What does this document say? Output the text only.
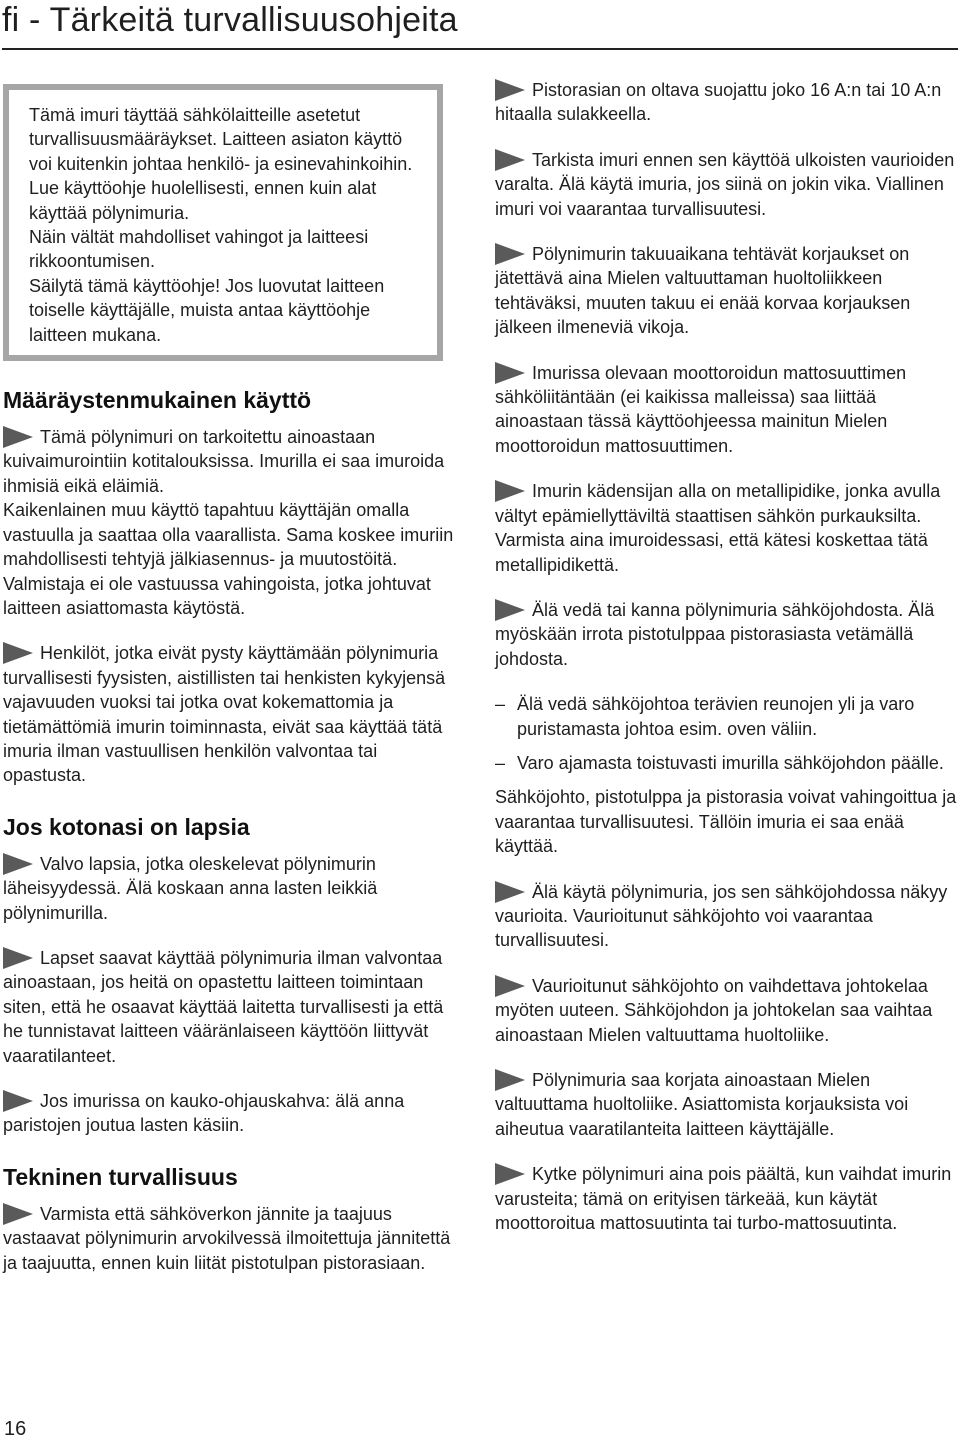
fi - Tärkeitä turvallisuusohjeita

Tämä imuri täyttää sähkölaitteille asetetut turvallisuusmääräykset. Laitteen asiaton käyttö voi kuitenkin johtaa henkilö- ja esinevahinkoihin.

Lue käyttöohje huolellisesti, ennen kuin alat käyttää pölynimuria.

Näin vältät mahdolliset vahingot ja laitteesi rikkoontumisen.

Säilytä tämä käyttöohje! Jos luovutat laitteen toiselle käyttäjälle, muista antaa käyttöohje laitteen mukana.

Määräystenmukainen käyttö

Tämä pölynimuri on tarkoitettu ainoastaan kuivaimurointiin kotitalouksissa. Imurilla ei saa imuroida ihmisiä eikä eläimiä.

Kaikenlainen muu käyttö tapahtuu käyttäjän omalla vastuulla ja saattaa olla vaarallista. Sama koskee imuriin mahdollisesti tehtyjä jälkiasennus- ja muutostöitä.

Valmistaja ei ole vastuussa vahingoista, jotka johtuvat laitteen asiattomasta käytöstä.

Henkilöt, jotka eivät pysty käyttämään pölynimuria turvallisesti fyysisten, aistillisten tai henkisten kykyjensä vajavuuden vuoksi tai jotka ovat kokemattomia ja tietämättömiä imurin toiminnasta, eivät saa käyttää tätä imuria ilman vastuullisen henkilön valvontaa tai opastusta.

Jos kotonasi on lapsia

Valvo lapsia, jotka oleskelevat pölynimurin läheisyydessä. Älä koskaan anna lasten leikkiä pölynimurilla.

Lapset saavat käyttää pölynimuria ilman valvontaa ainoastaan, jos heitä on opastettu laitteen toimintaan siten, että he osaavat käyttää laitetta turvallisesti ja että he tunnistavat laitteen vääränlaiseen käyttöön liittyvät vaaratilanteet.

Jos imurissa on kauko-ohjauskahva: älä anna paristojen joutua lasten käsiin.

Tekninen turvallisuus

Varmista että sähköverkon jännite ja taajuus vastaavat pölynimurin arvokilvessä ilmoitettuja jännitettä ja taajuutta, ennen kuin liität pistotulpan pistorasiaan.

Pistorasian on oltava suojattu joko 16 A:n tai 10 A:n hitaalla sulakkeella.

Tarkista imuri ennen sen käyttöä ulkoisten vaurioiden varalta. Älä käytä imuria, jos siinä on jokin vika. Viallinen imuri voi vaarantaa turvallisuutesi.

Pölynimurin takuuaikana tehtävät korjaukset on jätettävä aina Mielen valtuuttaman huoltoliikkeen tehtäväksi, muuten takuu ei enää korvaa korjauksen jälkeen ilmeneviä vikoja.

Imurissa olevaan moottoroidun mattosuuttimen sähköliitäntään (ei kaikissa malleissa) saa liittää ainoastaan tässä käyttöohjeessa mainitun Mielen moottoroidun mattosuuttimen.

Imurin kädensijan alla on metallipidike, jonka avulla vältyt epämiellyttäviltä staattisen sähkön purkauksilta. Varmista aina imuroidessasi, että kätesi koskettaa tätä metallipidikettä.

Älä vedä tai kanna pölynimuria sähköjohdosta. Älä myöskään irrota pistotulppaa pistorasiasta vetämällä johdosta.

– Älä vedä sähköjohtoa terävien reunojen yli ja varo puristamasta johtoa esim. oven väliin.
– Varo ajamasta toistuvasti imurilla sähköjohdon päälle.

Sähköjohto, pistotulppa ja pistorasia voivat vahingoittua ja vaarantaa turvallisuutesi. Tällöin imuria ei saa enää käyttää.

Älä käytä pölynimuria, jos sen sähköjohdossa näkyy vaurioita. Vaurioitunut sähköjohto voi vaarantaa turvallisuutesi.

Vaurioitunut sähköjohto on vaihdettava johtokelaa myöten uuteen. Sähköjohdon ja johtokelan saa vaihtaa ainoastaan Mielen valtuuttama huoltoliike.

Pölynimuria saa korjata ainoastaan Mielen valtuuttama huoltoliike. Asiattomista korjauksista voi aiheutua vaaratilanteita laitteen käyttäjälle.

Kytke pölynimuri aina pois päältä, kun vaihdat imurin varusteita; tämä on erityisen tärkeää, kun käytät moottoroitua mattosuutinta tai turbo-mattosuutinta.

16
